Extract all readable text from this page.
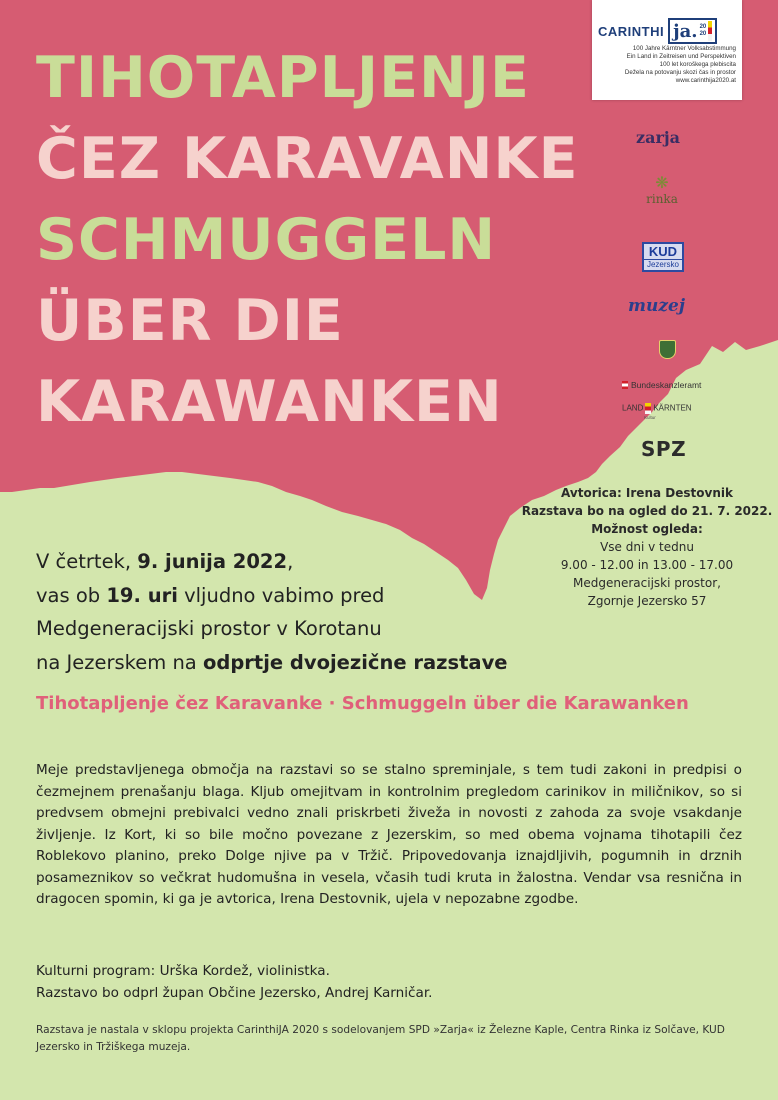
TIHOTAPLJENJE
ČEZ KARAVANKE
SCHMUGGELN
ÜBER DIE
KARAWANKEN
CARINTHI ja. 20
20
100 Jahre Kärntner Volksabstimmung
Ein Land in Zeitreisen und Perspektiven
100 let koroškega plebiscita
Dežela na potovanju skozi čas in prostor
www.carinthija2020.at
zarja
❋
rinka
KUD
Jezersko
muzej
Bundeskanzleramt
LAND KÄRNTEN
Kultur
SPZ
Avtorica: Irena Destovnik
Razstava bo na ogled do 21. 7. 2022.
Možnost ogleda:
Vse dni v tednu
9.00 - 12.00 in 13.00 - 17.00
Medgeneracijski prostor,
Zgornje Jezersko 57
V četrtek, 9. junija 2022,
vas ob 19. uri vljudno vabimo pred
Medgeneracijski prostor v Korotanu
na Jezerskem na odprtje dvojezične razstave
Tihotapljenje čez Karavanke · Schmuggeln über die Karawanken

Meje predstavljenega območja na razstavi so se stalno spreminjale, s tem tudi zakoni in predpisi o čezmejnem prenašanju blaga. Kljub omejitvam in kontrolnim pregledom carinikov in miličnikov, so si predvsem obmejni prebivalci vedno znali priskrbeti živeža in novosti z zahoda za svoje vsakdanje življenje. Iz Kort, ki so bile močno povezane z Jezerskim, so med obema vojnama tihotapili čez Roblekovo planino, preko Dolge njive pa v Tržič. Pripovedovanja iznajdljivih, pogumnih in drznih posameznikov so večkrat hudomušna in vesela, včasih tudi kruta in žalostna. Vendar vsa resnična in dragocen spomin, ki ga je avtorica, Irena Destovnik, ujela v nepozabne zgodbe.

Kulturni program: Urška Kordež, violinistka.
Razstavo bo odprl župan Občine Jezersko, Andrej Karničar.

Razstava je nastala v sklopu projekta CarinthiJA 2020 s sodelovanjem SPD »Zarja« iz Železne Kaple, Centra Rinka iz Solčave, KUD Jezersko in Tržiškega muzeja.
